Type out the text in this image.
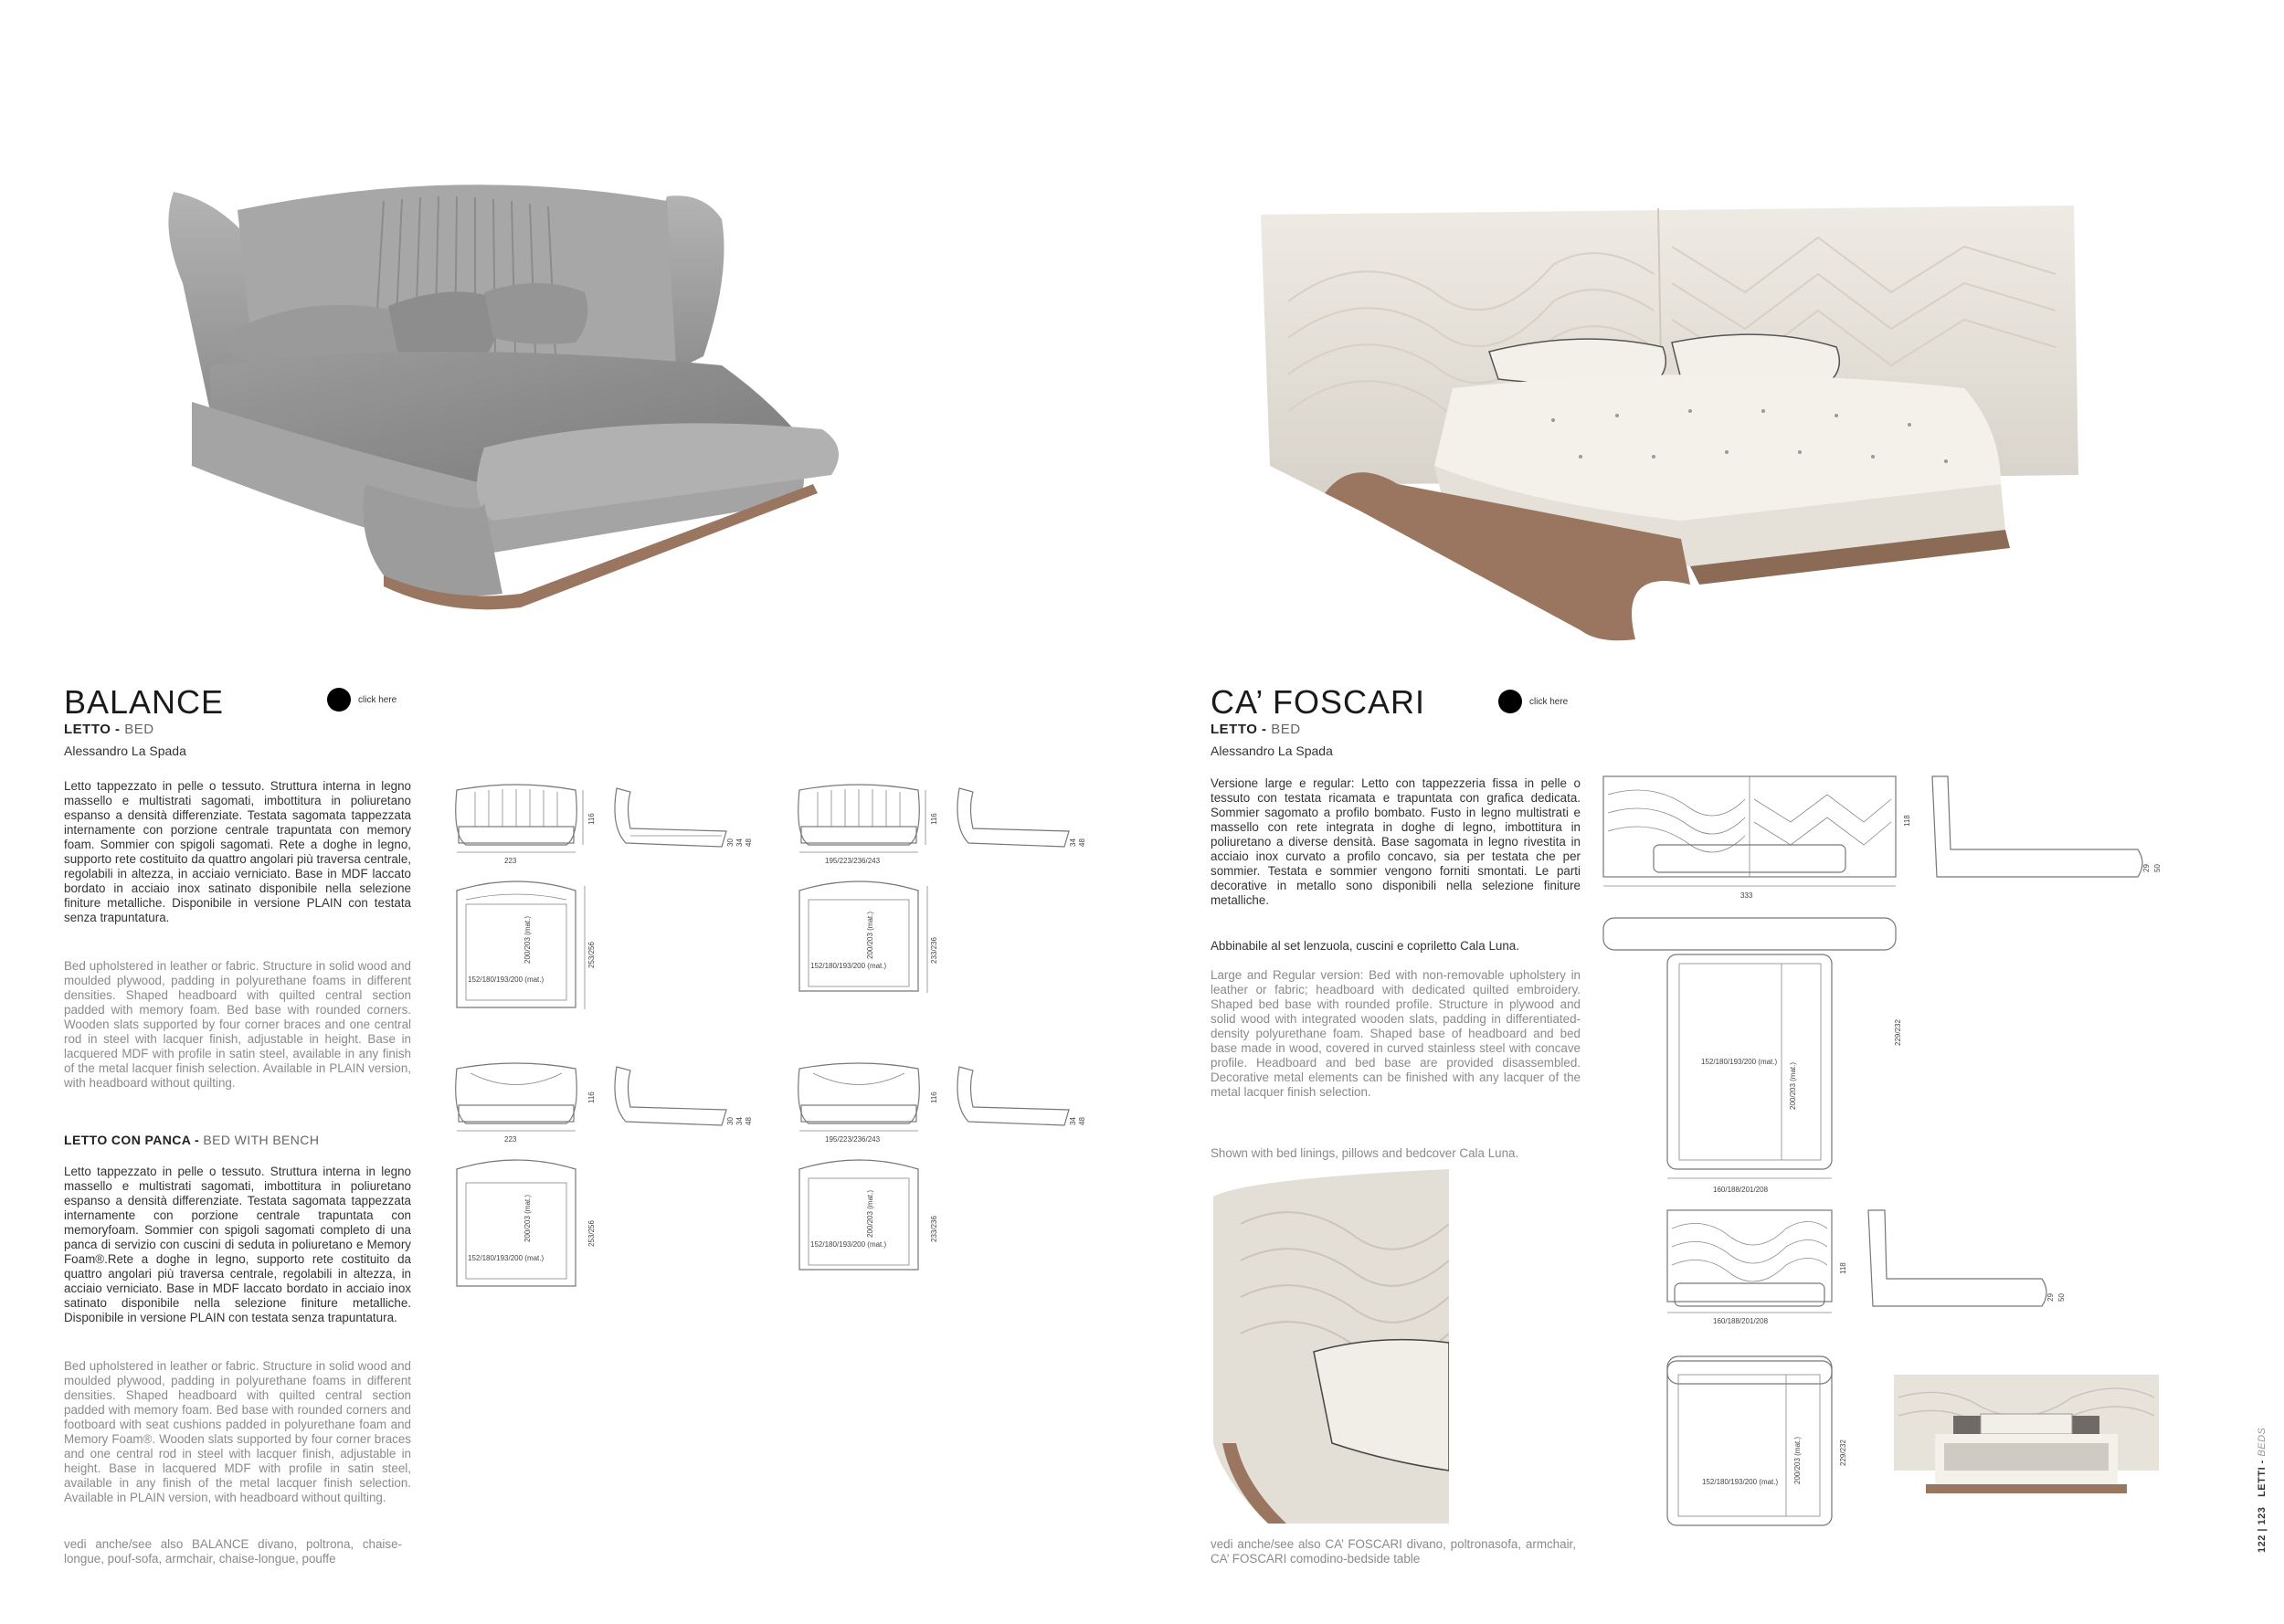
BALANCE	click here
LETTO - BED
Alessandro La Spada
Letto tappezzato in pelle o tessuto. Struttura interna in legno massello e multistrati sagomati, imbottitura in poliuretano espanso a densità differenziate. Testata sagomata tappezzata internamente con porzione centrale trapuntata con memory foam. Sommier con spigoli sagomati. Rete a doghe in legno, supporto rete costituito da quattro angolari più traversa centrale, regolabili in altezza, in acciaio verniciato. Base in MDF laccato bordato in acciaio inox satinato disponibile nella selezione finiture metalliche. Disponibile in versione PLAIN con testata senza trapuntatura.
Bed upholstered in leather or fabric. Structure in solid wood and moulded plywood, padding in polyurethane foams in different densities. Shaped headboard with quilted central section padded with memory foam. Bed base with rounded corners. Wooden slats supported by four corner braces and one central rod in steel with lacquer finish, adjustable in height. Base in lacquered MDF with profile in satin steel, available in any finish of the metal lacquer finish selection. Available in PLAIN version, with headboard without quilting.
LETTO CON PANCA - BED WITH BENCH
Letto tappezzato in pelle o tessuto. Struttura interna in legno massello e multistrati sagomati, imbottitura in poliuretano espanso a densità differenziate. Testata sagomata tappezzata internamente con porzione centrale trapuntata con memoryfoam. Sommier con spigoli sagomati completo di una panca di servizio con cuscini di seduta in poliuretano e Memory Foam®.Rete a doghe in legno, supporto rete costituito da quattro angolari più traversa centrale, regolabili in altezza, in acciaio verniciato. Base in MDF laccato bordato in acciaio inox satinato disponibile nella selezione finiture metalliche. Disponibile in versione PLAIN con testata senza trapuntatura.
Bed upholstered in leather or fabric. Structure in solid wood and moulded plywood, padding in polyurethane foams in different densities. Shaped headboard with quilted central section padded with memory foam. Bed base with rounded corners and footboard with seat cushions padded in polyurethane foam and Memory Foam®. Wooden slats supported by four corner braces and one central rod in steel with lacquer finish, adjustable in height. Base in lacquered MDF with profile in satin steel, available in any finish of the metal lacquer finish selection. Available in PLAIN version, with headboard without quilting.
vedi anche/see also BALANCE divano, poltrona, chaise-longue, pouf-sofa, armchair, chaise-longue, pouffe
223
116
30 34 48
200/203 (mat.)
152/180/193/200 (mat.)
253/256
195/223/236/243
116
34 48
200/203 (mat.)
152/180/193/200 (mat.)
233/236
223
116
30 34 48
200/203 (mat.)
152/180/193/200 (mat.)
253/256
195/223/236/243
116
34 48
200/203 (mat.)
152/180/193/200 (mat.)
233/236
CA’ FOSCARI	click here
LETTO - BED
Alessandro La Spada
Versione large e regular: Letto con tappezzeria fissa in pelle o tessuto con testata ricamata e trapuntata con grafica dedicata. Sommier sagomato a profilo bombato. Fusto in legno multistrati e massello con rete integrata in doghe di legno, imbottitura in poliuretano a diverse densità. Base sagomata in legno rivestita in acciaio inox curvato a profilo concavo, sia per testata che per sommier. Testata e sommier vengono forniti smontati. Le parti decorative in metallo sono disponibili nella selezione finiture metalliche.
Abbinabile al set lenzuola, cuscini e copriletto Cala Luna.
Large and Regular version: Bed with non-removable upholstery in leather or fabric; headboard with dedicated quilted embroidery. Shaped bed base with rounded profile. Structure in plywood and solid wood with integrated wooden slats, padding in differentiated-density polyurethane foam. Shaped base of headboard and bed base made in wood, covered in curved stainless steel with concave profile. Headboard and bed base are provided disassembled. Decorative metal elements can be finished with any lacquer of the metal lacquer finish selection.
Shown with bed linings, pillows and bedcover Cala Luna.
vedi anche/see also CA’ FOSCARI divano, poltronasofa, armchair, CA’ FOSCARI comodino-bedside table
333
118
29 50
200/203 (mat.)
152/180/193/200 (mat.)
229/232
160/188/201/208
160/188/201/208
118
29 50
200/203 (mat.)
152/180/193/200 (mat.)
229/232
122 | 123   LETTI - BEDS
